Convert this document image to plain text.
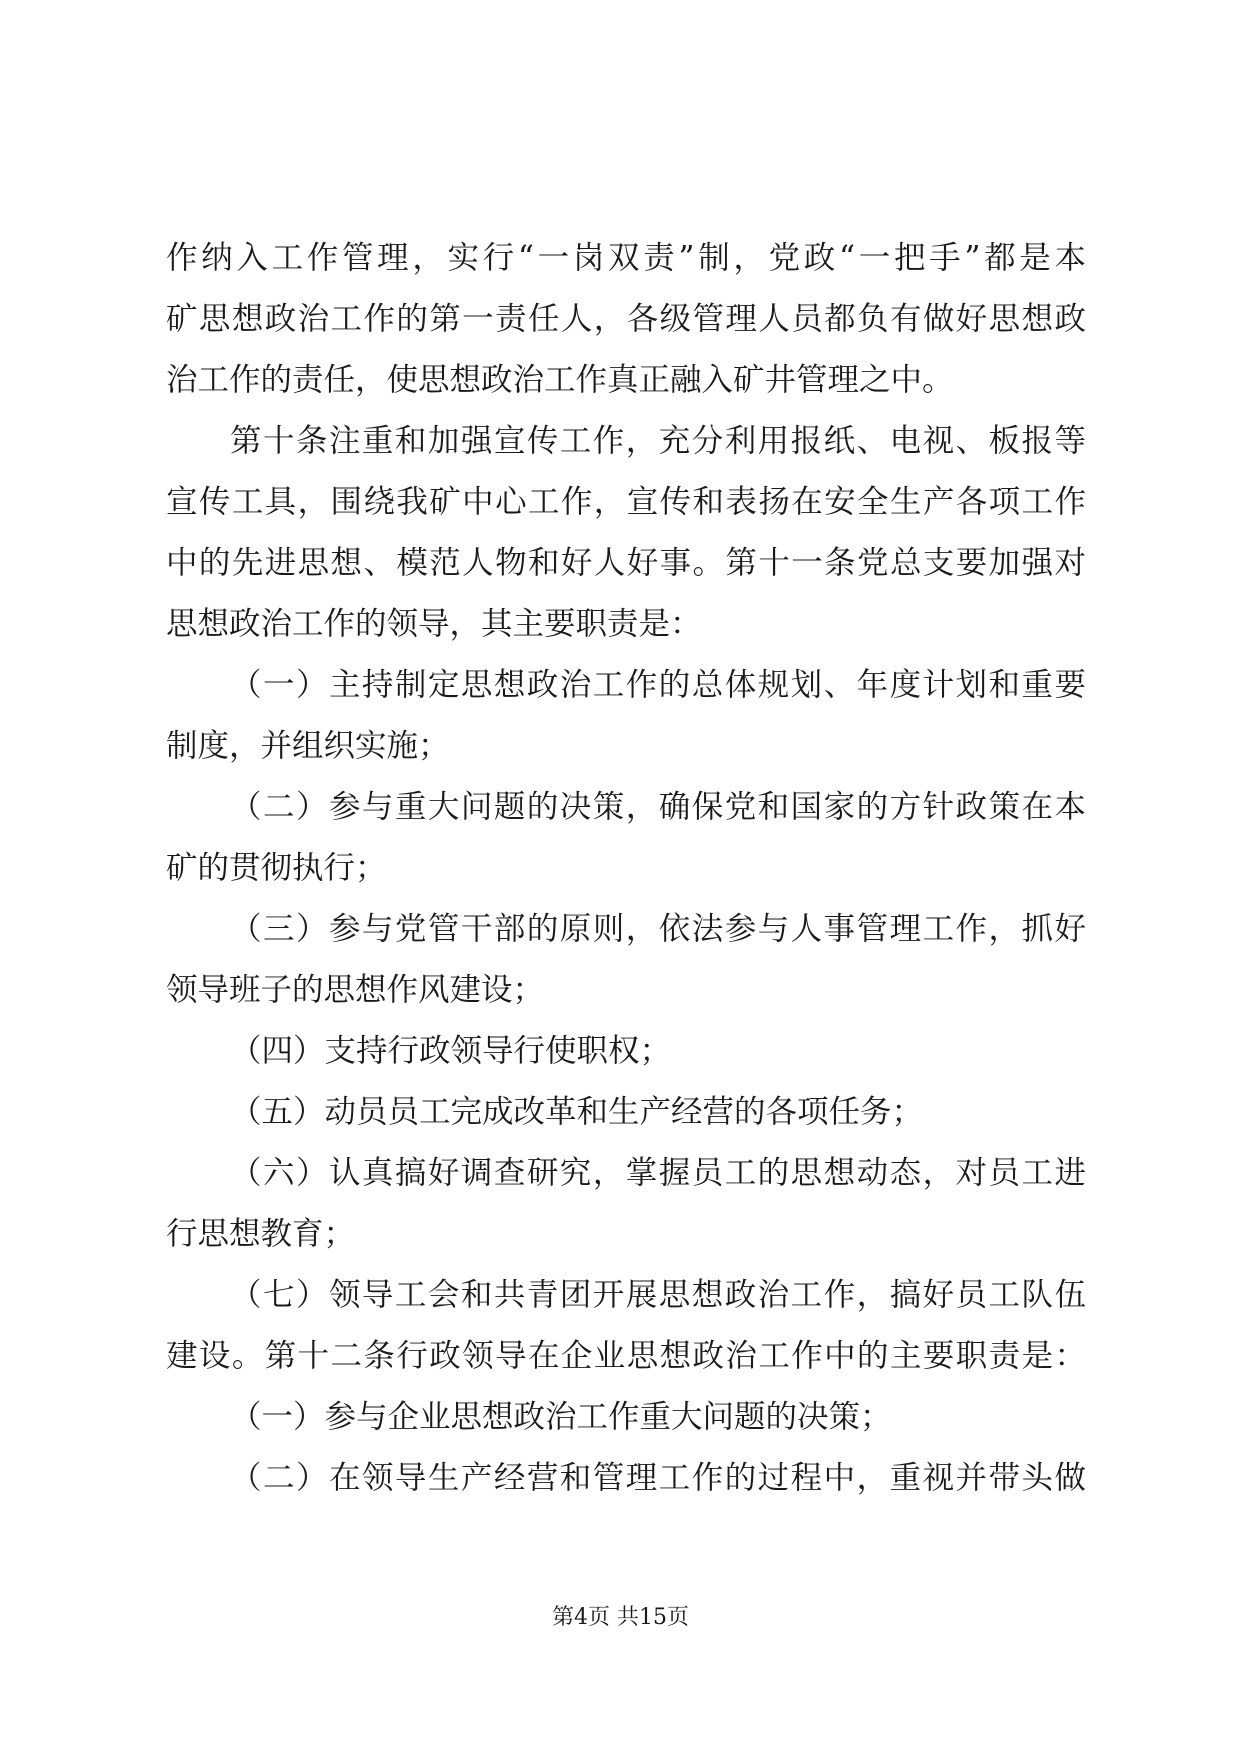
作纳入工作管理，实行“一岗双责”制，党政“一把手”都是本
矿思想政治工作的第一责任人，各级管理人员都负有做好思想政
治工作的责任，使思想政治工作真正融入矿井管理之中。
第十条注重和加强宣传工作，充分利用报纸、电视、板报等
宣传工具，围绕我矿中心工作，宣传和表扬在安全生产各项工作
中的先进思想、模范人物和好人好事。第十一条党总支要加强对
思想政治工作的领导，其主要职责是：
（一）主持制定思想政治工作的总体规划、年度计划和重要
制度，并组织实施；
（二）参与重大问题的决策，确保党和国家的方针政策在本
矿的贯彻执行；
（三）参与党管干部的原则，依法参与人事管理工作，抓好
领导班子的思想作风建设；
（四）支持行政领导行使职权；
（五）动员员工完成改革和生产经营的各项任务；
（六）认真搞好调查研究，掌握员工的思想动态，对员工进
行思想教育；
（七）领导工会和共青团开展思想政治工作，搞好员工队伍
建设。第十二条行政领导在企业思想政治工作中的主要职责是：
（一）参与企业思想政治工作重大问题的决策；
（二）在领导生产经营和管理工作的过程中，重视并带头做
第4页 共15页
